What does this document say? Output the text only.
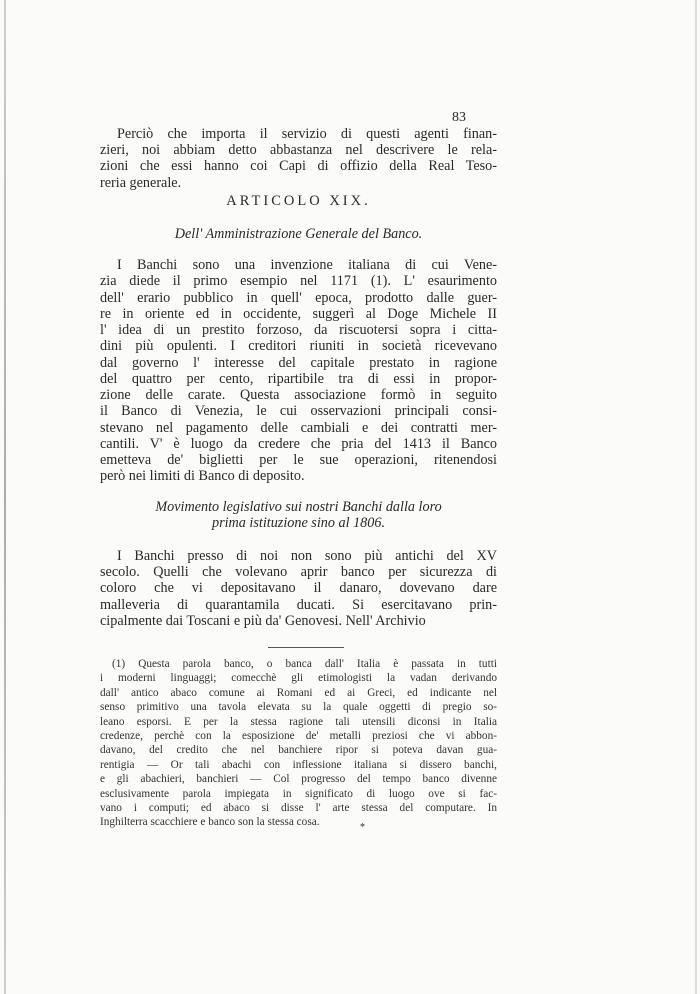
83
Perciò che importa il servizio di questi agenti finan-
zieri, noi abbiam detto abbastanza nel descrivere le rela-
zioni che essi hanno coi Capi di offizio della Real Teso-
reria generale.
ARTICOLO XIX.
Dell' Amministrazione Generale del Banco.
I Banchi sono una invenzione italiana di cui Vene-
zia diede il primo esempio nel 1171 (1). L' esaurimento
dell' erario pubblico in quell' epoca, prodotto dalle guer-
re in oriente ed in occidente, suggerì al Doge Michele II
l' idea di un prestito forzoso, da riscuotersi sopra i citta-
dini più opulenti. I creditori riuniti in società ricevevano
dal governo l' interesse del capitale prestato in ragione
del quattro per cento, ripartibile tra di essi in propor-
zione delle carate. Questa associazione formò in seguito
il Banco di Venezia, le cui osservazioni principali consi-
stevano nel pagamento delle cambiali e dei contratti mer-
cantili. V' è luogo da credere che pria del 1413 il Banco
emetteva de' biglietti per le sue operazioni, ritenendosi
però nei limiti di Banco di deposito.
Movimento legislativo sui nostri Banchi dalla loro
prima istituzione sino al 1806.
I Banchi presso di noi non sono più antichi del XV
secolo. Quelli che volevano aprir banco per sicurezza di
coloro che vi depositavano il danaro, dovevano dare
malleveria di quarantamila ducati. Si esercitavano prin-
cipalmente dai Toscani e più da' Genovesi. Nell' Archivio
(1) Questa parola banco, o banca dall' Italia è passata in tutti
i moderni linguaggi; comecchè gli etimologisti la vadan derivando
dall' antico abaco comune ai Romani ed ai Greci, ed indicante nel
senso primitivo una tavola elevata su la quale oggetti di pregio so-
leano esporsi. E per la stessa ragione tali utensili diconsi in Italia
credenze, perchè con la esposizione de' metalli preziosi che vi abbon-
davano, del credito che nel banchiere ripor si poteva davan gua-
rentigia — Or tali abachi con inflessione italiana si dissero banchi,
e gli abachieri, banchieri — Col progresso del tempo banco divenne
esclusivamente parola impiegata in significato di luogo ove si fac-
vano i computi; ed abaco si disse l' arte stessa del computare. In
Inghilterra scacchiere e banco son la stessa cosa.	*
